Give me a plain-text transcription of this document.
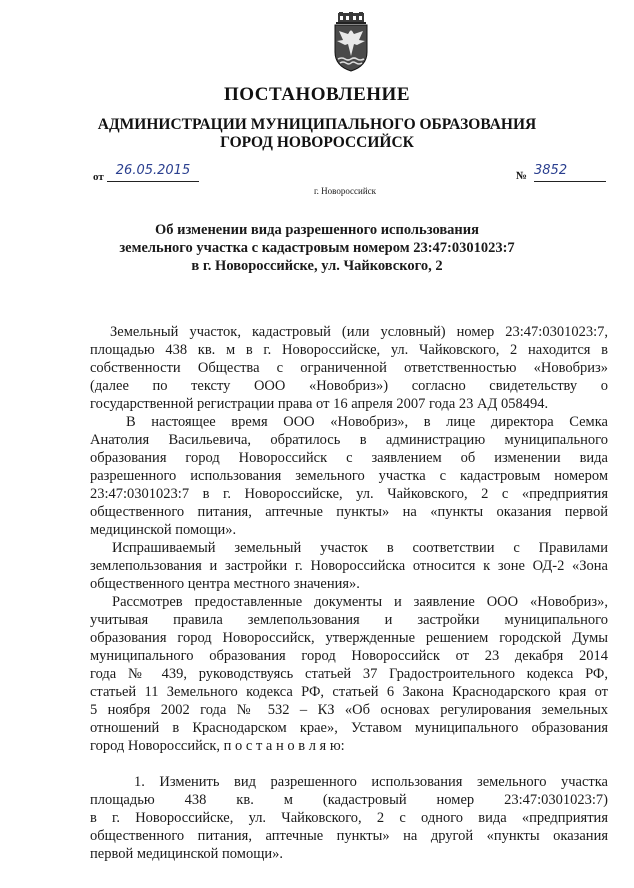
ПОСТАНОВЛЕНИЕ
АДМИНИСТРАЦИИ МУНИЦИПАЛЬНОГО ОБРАЗОВАНИЯ
ГОРОД НОВОРОССИЙСК
от 26.05.2015	№ 3852
г. Новороссийск
Об изменении вида разрешенного использования
земельного участка с кадастровым номером 23:47:0301023:7
в г. Новороссийске, ул. Чайковского, 2
Земельный участок, кадастровый (или условный) номер 23:47:0301023:7,
площадью 438 кв. м в г. Новороссийске, ул. Чайковского, 2 находится в
собственности Общества с ограниченной ответственностью «Новобриз»
(далее по тексту ООО «Новобриз») согласно свидетельству о
государственной регистрации права от 16 апреля 2007 года 23 АД 058494.
В настоящее время ООО «Новобриз», в лице директора Семка
Анатолия Васильевича, обратилось в администрацию муниципального
образования город Новороссийск с заявлением об изменении вида
разрешенного использования земельного участка с кадастровым номером
23:47:0301023:7 в г. Новороссийске, ул. Чайковского, 2 с «предприятия
общественного питания, аптечные пункты» на «пункты оказания первой
медицинской помощи».
Испрашиваемый земельный участок в соответствии с Правилами
землепользования и застройки г. Новороссийска относится к зоне ОД-2 «Зона
общественного центра местного значения».
Рассмотрев предоставленные документы и заявление ООО «Новобриз»,
учитывая правила землепользования и застройки муниципального
образования город Новороссийск, утвержденные решением городской Думы
муниципального образования город Новороссийск от 23 декабря 2014
года № 439, руководствуясь статьей 37 Градостроительного кодекса РФ,
статьей 11 Земельного кодекса РФ, статьей 6 Закона Краснодарского края от
5 ноября 2002 года № 532 – КЗ «Об основах регулирования земельных
отношений в Краснодарском крае», Уставом муниципального образования
город Новороссийск, п о с т а н о в л я ю:
1. Изменить вид разрешенного использования земельного участка
площадью 438 кв. м (кадастровый номер 23:47:0301023:7)
в г. Новороссийске, ул. Чайковского, 2 с одного вида «предприятия
общественного питания, аптечные пункты» на другой «пункты оказания
первой медицинской помощи».
